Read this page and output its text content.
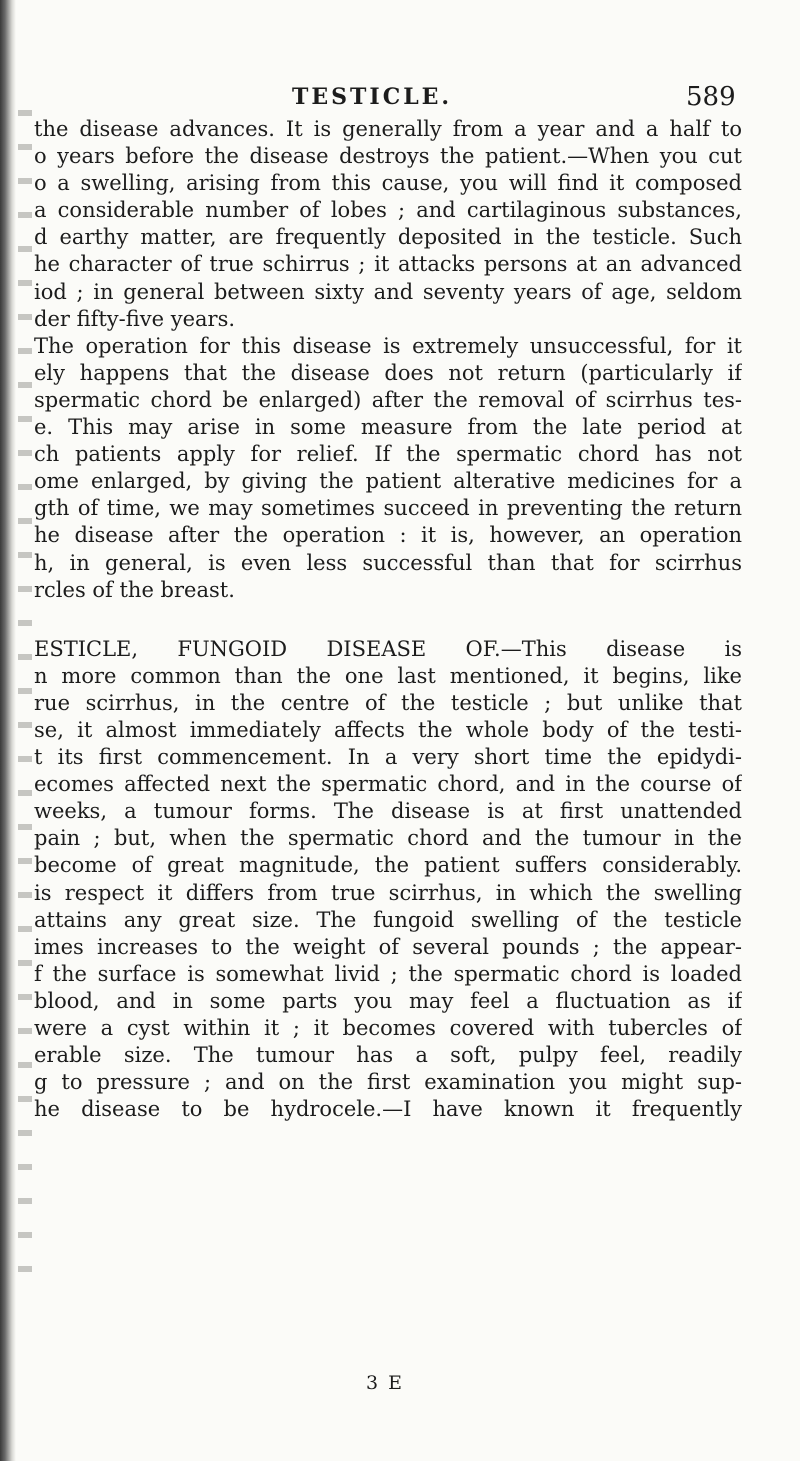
TESTICLE.	589
the disease advances. It is generally from a year and a half to
o years before the disease destroys the patient.—When you cut
o a swelling, arising from this cause, you will find it composed
a considerable number of lobes ; and cartilaginous substances,
d earthy matter, are frequently deposited in the testicle. Such
he character of true schirrus ; it attacks persons at an advanced
iod ; in general between sixty and seventy years of age, seldom
der fifty-five years.
The operation for this disease is extremely unsuccessful, for it
ely happens that the disease does not return (particularly if
spermatic chord be enlarged) after the removal of scirrhus tes-
e. This may arise in some measure from the late period at
ch patients apply for relief. If the spermatic chord has not
ome enlarged, by giving the patient alterative medicines for a
gth of time, we may sometimes succeed in preventing the return
he disease after the operation : it is, however, an operation
h, in general, is even less successful than that for scirrhus
rcles of the breast.
ESTICLE, FUNGOID DISEASE OF.—This disease is
n more common than the one last mentioned, it begins, like
rue scirrhus, in the centre of the testicle ; but unlike that
se, it almost immediately affects the whole body of the testi-
t its first commencement. In a very short time the epidydi-
ecomes affected next the spermatic chord, and in the course of
weeks, a tumour forms. The disease is at first unattended
pain ; but, when the spermatic chord and the tumour in the
become of great magnitude, the patient suffers considerably.
is respect it differs from true scirrhus, in which the swelling
attains any great size. The fungoid swelling of the testicle
imes increases to the weight of several pounds ; the appear-
f the surface is somewhat livid ; the spermatic chord is loaded
blood, and in some parts you may feel a fluctuation as if
were a cyst within it ; it becomes covered with tubercles of
erable size. The tumour has a soft, pulpy feel, readily
g to pressure ; and on the first examination you might sup-
he disease to be hydrocele.—I have known it frequently
3 E
